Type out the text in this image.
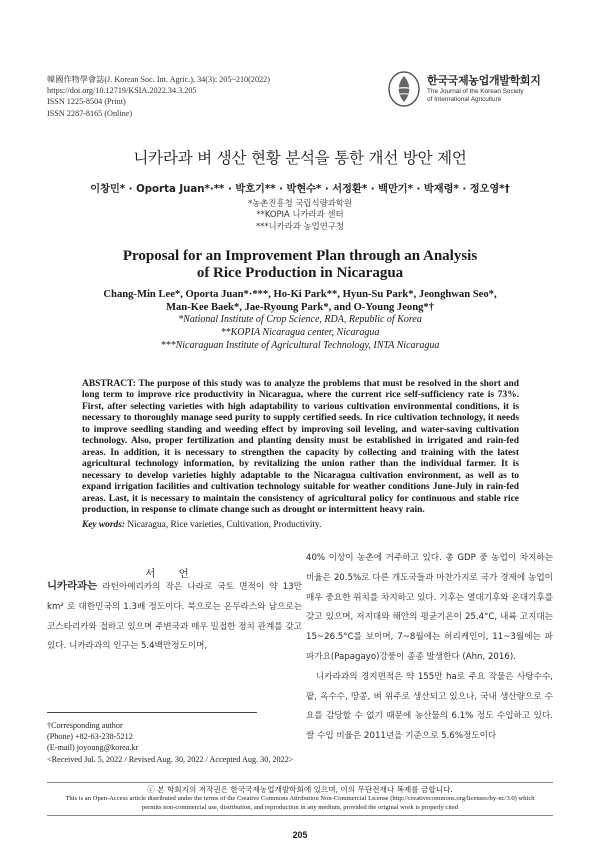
韓國作物學會誌(J. Korean Soc. Int. Agric.), 34(3): 205~210(2022)
https://doi.org/10.12719/KSIA.2022.34.3.205
ISSN 1225-8504 (Print)
ISSN 2287-8165 (Online)
한국국제농업개발학회지
The Journal of the Korean Society
of International Agriculture
니카라과 벼 생산 현황 분석을 통한 개선 방안 제언
이창민* · Oporta Juan*·** · 박호기** · 박현수* · 서정환* · 백만기* · 박재령* · 정오영*†
*농촌진흥청 국립식량과학원
**KOPIA 니카라과 센터
***니카라과 농업연구청
Proposal for an Improvement Plan through an Analysis
of Rice Production in Nicaragua
Chang-Min Lee*, Oporta Juan*·***, Ho-Ki Park**, Hyun-Su Park*, Jeonghwan Seo*,
Man-Kee Baek*, Jae-Ryoung Park*, and O-Young Jeong*†
*National Institute of Crop Science, RDA, Republic of Korea
**KOPIA Nicaragua center, Nicaragua
***Nicaraguan Institute of Agricultural Technology, INTA Nicaragua
ABSTRACT: The purpose of this study was to analyze the problems that must be resolved in the short and long term to improve rice productivity in Nicaragua, where the current rice self-sufficiency rate is 73%. First, after selecting varieties with high adaptability to various cultivation environmental conditions, it is necessary to thoroughly manage seed purity to supply certified seeds. In rice cultivation technology, it needs to improve seedling standing and weeding effect by improving soil leveling, and water-saving cultivation technology. Also, proper fertilization and planting density must be established in irrigated and rain-fed areas. In addition, it is necessary to strengthen the capacity by collecting and training with the latest agricultural technology information, by revitalizing the union rather than the individual farmer. It is necessary to develop varieties highly adaptable to the Nicaragua cultivation environment, as well as to expand irrigation facilities and cultivation technology suitable for weather conditions June-July in rain-fed areas. Last, it is necessary to maintain the consistency of agricultural policy for continuous and stable rice production, in response to climate change such as drought or intermittent heavy rain.
Key words: Nicaragua, Rice varieties, Cultivation, Productivity.
서 언

니카라과는 라틴아메리카의 작은 나라로 국토 면적이 약 13만 km² 로 대한민국의 1.3배 정도이다. 북으로는 온두라스와 남으로는 코스타리카와 접하고 있으며 주변국과 매우 밀접한 정치 관계를 갖고 있다. 니카라과의 인구는 5.4백만정도이며,

40% 이상이 농촌에 거주하고 있다. 총 GDP 중 농업이 차지하는 비율은 20.5%로 다른 개도국들과 마찬가지로 국가 경제에 농업이 매우 중요한 위치를 차지하고 있다. 기후는 열대기후와 온대기후를 갖고 있으며, 저지대와 해안의 평균기온이 25.4°C, 내륙 고지대는 15~26.5°C를 보이며, 7~8월에는 허리케인이, 11~3월에는 파파가요(Papagayo)강풍이 종종 발생한다 (Ahn, 2016).

니카라과의 경지면적은 약 155만 ha로 주요 작물은 사탕수수, 팥, 옥수수, 땅콩, 벼 위주로 생산되고 있으나, 국내 생산량으로 수요를 감당할 수 없기 때문에 농산물의 6.1% 정도 수입하고 있다. 쌀 수입 비율은 2011년을 기준으로 5.6%정도이다

†Corresponding author
(Phone) +82-63-238-5212
(E-mail) joyoung@korea.kr
<Received Jul. 5, 2022 / Revised Aug. 30, 2022 / Accepted Aug. 30, 2022>
ⓒ 본 학회지의 저작권은 한국국제농업개발학회에 있으며, 이의 무단전재나 복제를 금합니다.
This is an Open-Access article distributed under the terms of the Creative Commons Attribution Non-Commercial License (http://creativecommons.org/licenses/by-nc/3.0) which
permits non-commercial use, distribution, and reproduction in any medium, provided the original work is properly cited
205
